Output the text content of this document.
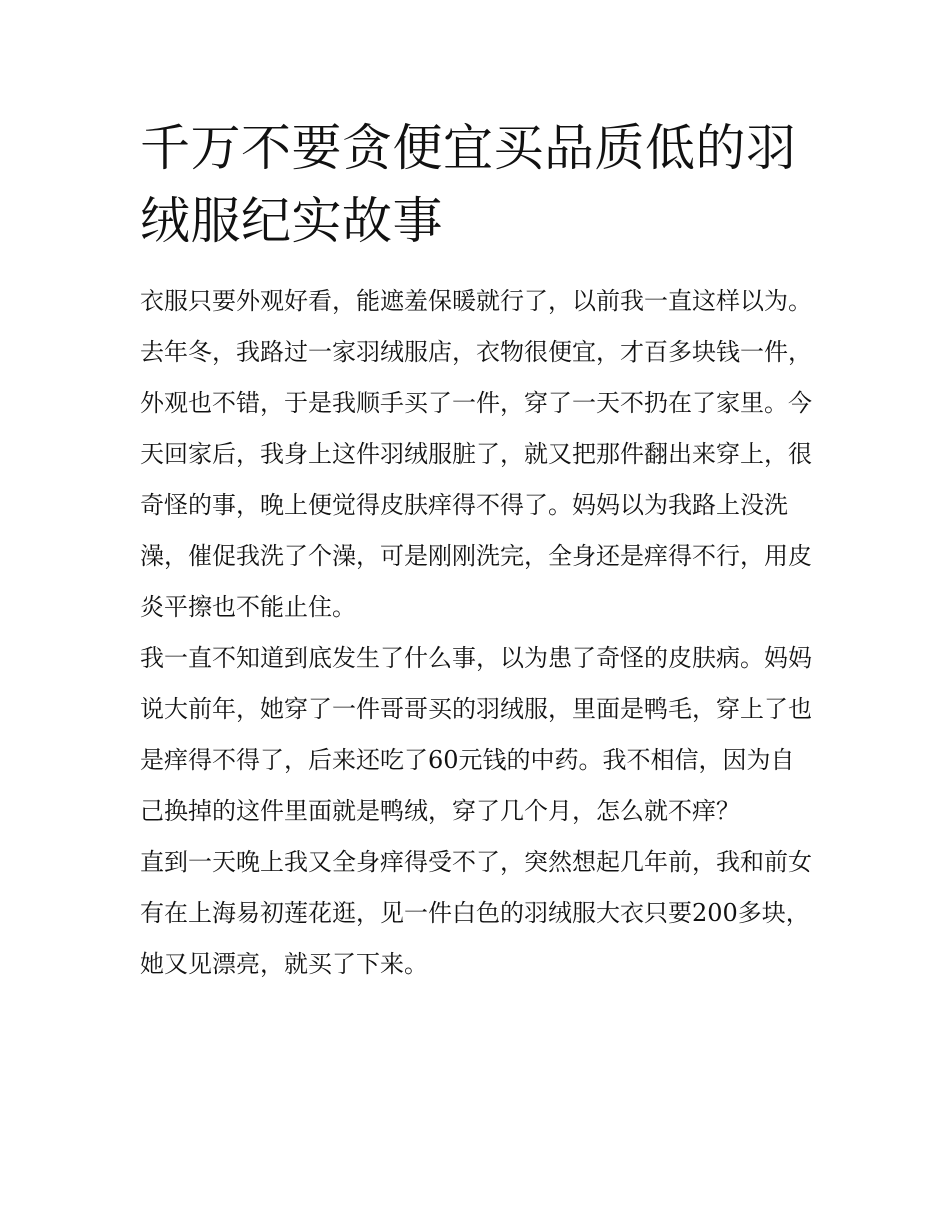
千万不要贪便宜买品质低的羽绒服纪实故事

衣服只要外观好看，能遮羞保暖就行了，以前我一直这样以为。

去年冬，我路过一家羽绒服店，衣物很便宜，才百多块钱一件，外观也不错，于是我顺手买了一件，穿了一天不扔在了家里。今天回家后，我身上这件羽绒服脏了，就又把那件翻出来穿上，很奇怪的事，晚上便觉得皮肤痒得不得了。妈妈以为我路上没洗澡，催促我洗了个澡，可是刚刚洗完，全身还是痒得不行，用皮炎平擦也不能止住。

我一直不知道到底发生了什么事，以为患了奇怪的皮肤病。妈妈说大前年，她穿了一件哥哥买的羽绒服，里面是鸭毛，穿上了也是痒得不得了，后来还吃了60元钱的中药。我不相信，因为自己换掉的这件里面就是鸭绒，穿了几个月，怎么就不痒？

直到一天晚上我又全身痒得受不了，突然想起几年前，我和前女有在上海易初莲花逛，见一件白色的羽绒服大衣只要200多块，她又见漂亮，就买了下来。
